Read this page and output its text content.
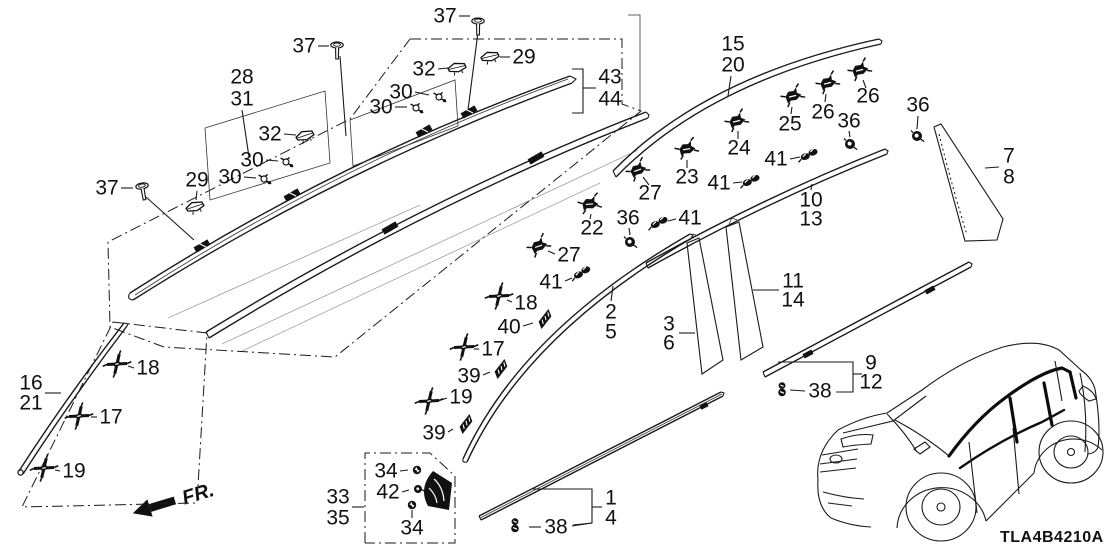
FR.
TLA4B4210A
37
37
37
28
31
32
32
30
30
30
30
29
29
43
44
15
20
27
27
23
24
25
26
26
36
36
36
41
41
41
41
22
10
13
2
5 3
6
11
14
18
18
40
17
17
39
39
19
19
16
21
9
12
38
38
1
4
33
35
34
34
42
7
8
